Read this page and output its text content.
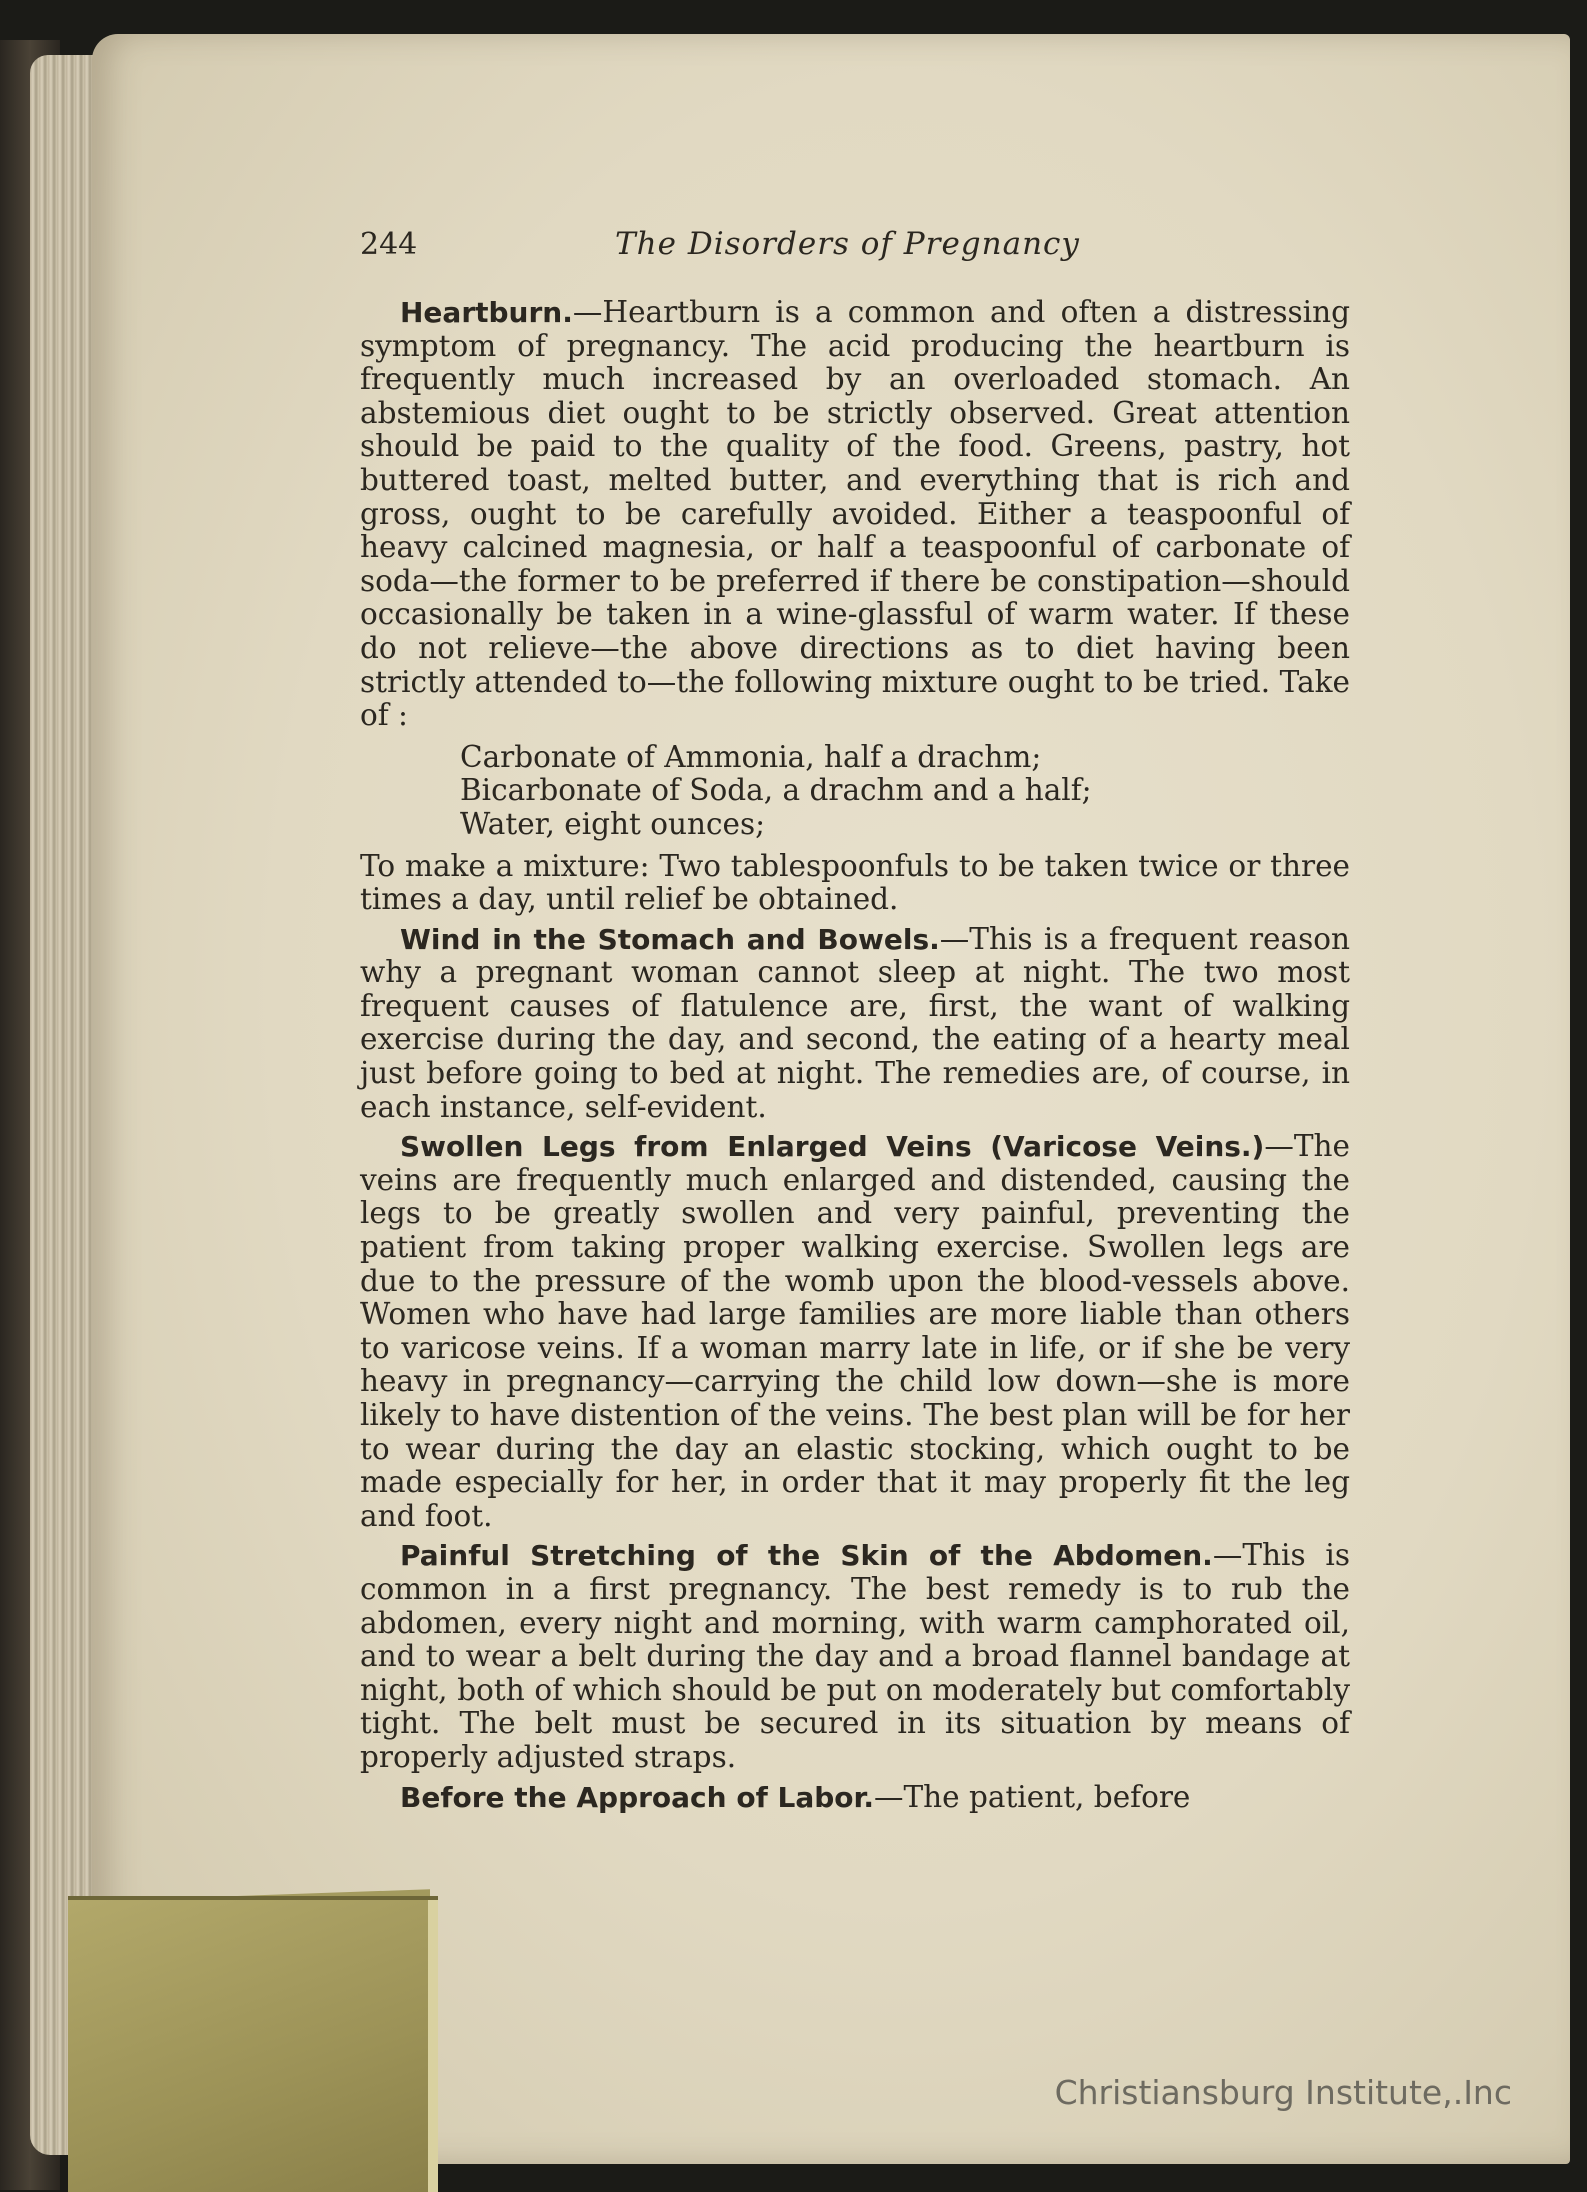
244	The Disorders of Pregnancy

Heartburn.—Heartburn is a common and often a distressing symptom of pregnancy. The acid producing the heartburn is frequently much increased by an overloaded stomach. An abstemious diet ought to be strictly observed. Great attention should be paid to the quality of the food. Greens, pastry, hot buttered toast, melted butter, and everything that is rich and gross, ought to be carefully avoided. Either a teaspoonful of heavy calcined magnesia, or half a teaspoonful of carbonate of soda—the former to be preferred if there be constipation—should occasionally be taken in a wine-glassful of warm water. If these do not relieve—the above directions as to diet having been strictly attended to—the following mixture ought to be tried. Take of :

Carbonate of Ammonia, half a drachm;
Bicarbonate of Soda, a drachm and a half;
Water, eight ounces;

To make a mixture: Two tablespoonfuls to be taken twice or three times a day, until relief be obtained.

Wind in the Stomach and Bowels.—This is a frequent reason why a pregnant woman cannot sleep at night. The two most frequent causes of flatulence are, first, the want of walking exercise during the day, and second, the eating of a hearty meal just before going to bed at night. The remedies are, of course, in each instance, self-evident.

Swollen Legs from Enlarged Veins (Varicose Veins.)—The veins are frequently much enlarged and distended, causing the legs to be greatly swollen and very painful, preventing the patient from taking proper walking exercise. Swollen legs are due to the pressure of the womb upon the blood-vessels above. Women who have had large families are more liable than others to varicose veins. If a woman marry late in life, or if she be very heavy in pregnancy—carrying the child low down—she is more likely to have distention of the veins. The best plan will be for her to wear during the day an elastic stocking, which ought to be made especially for her, in order that it may properly fit the leg and foot.

Painful Stretching of the Skin of the Abdomen.—This is common in a first pregnancy. The best remedy is to rub the abdomen, every night and morning, with warm camphorated oil, and to wear a belt during the day and a broad flannel bandage at night, both of which should be put on moderately but comfortably tight. The belt must be secured in its situation by means of properly adjusted straps.

Before the Approach of Labor.—The patient, before

Christiansburg Institute,.Inc
